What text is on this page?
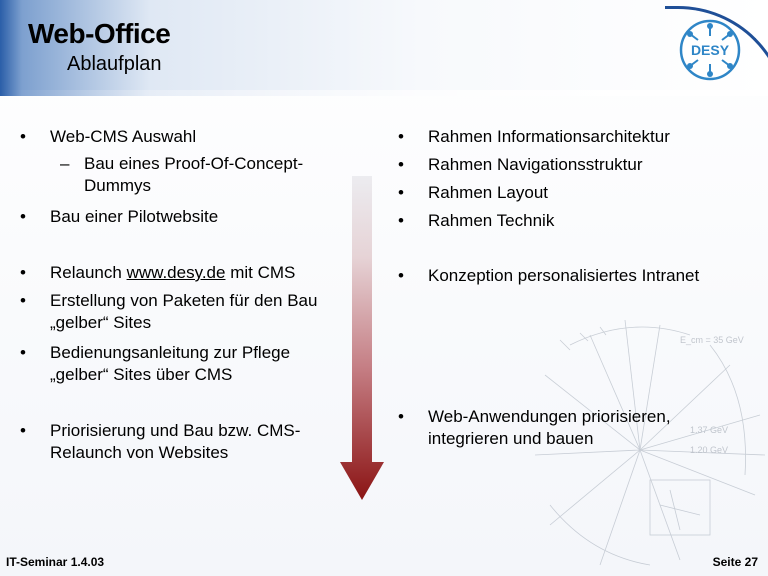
Web-Office
Ablaufplan
DESY
E_cm = 35 GeV
1.37 GeV
1.20 GeV
• Web-CMS Auswahl
– Bau eines Proof-Of-Concept-Dummys
• Bau einer Pilotwebsite
• Relaunch www.desy.de mit CMS
• Erstellung von Paketen für den Bau „gelber“ Sites
• Bedienungsanleitung zur Pflege „gelber“ Sites über CMS
• Priorisierung und Bau bzw. CMS-Relaunch von Websites
• Rahmen Informationsarchitektur
• Rahmen Navigationsstruktur
• Rahmen Layout
• Rahmen Technik
• Konzeption personalisiertes Intranet
• Web-Anwendungen priorisieren, integrieren und bauen
IT-Seminar 1.4.03	Seite 27
